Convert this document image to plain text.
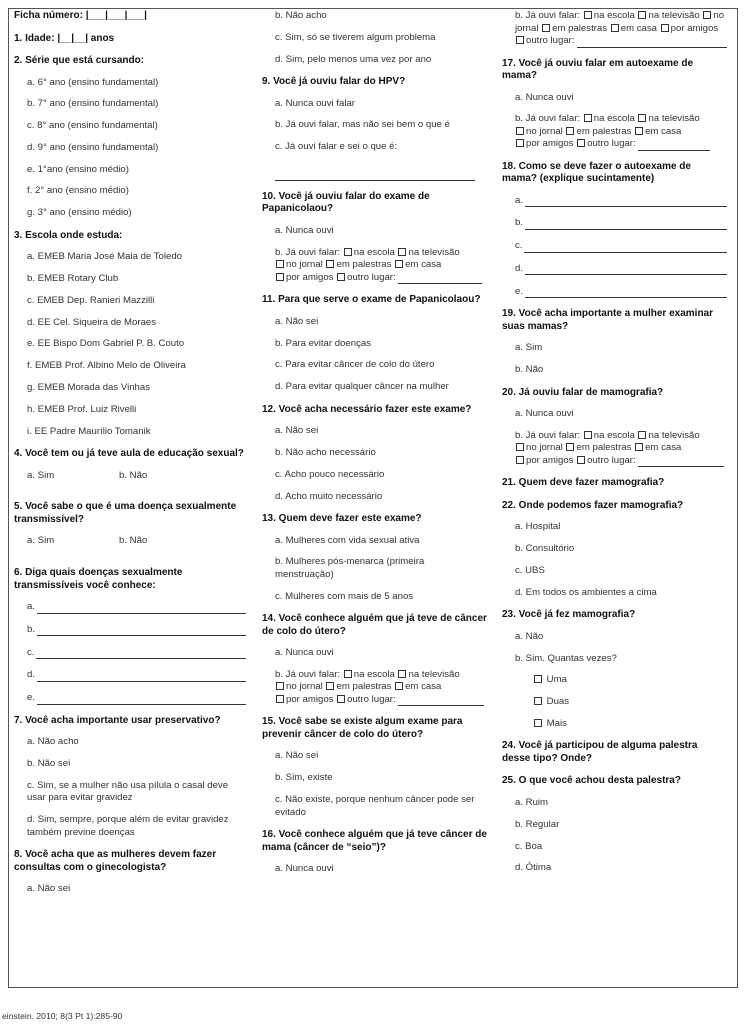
Ficha número: |___|___|___|
1. Idade: |__|__| anos
2. Série que está cursando:
a. 6° ano (ensino fundamental)
b. 7° ano (ensino fundamental)
c. 8° ano (ensino fundamental)
d. 9° ano (ensino fundamental)
e. 1°ano (ensino médio)
f. 2° ano (ensino médio)
g. 3° ano (ensino médio)
3. Escola onde estuda:
a. EMEB Maria José Maia de Toledo
b. EMEB Rotary Club
c. EMEB Dep. Ranieri Mazzilli
d. EE Cel. Siqueira de Moraes
e. EE Bispo Dom Gabriel P. B. Couto
f. EMEB Prof. Albino Melo de Oliveira
g. EMEB Morada das Vinhas
h. EMEB Prof. Luiz Rivelli
i. EE Padre Maurílio Tomanik
4. Você tem ou já teve aula de educação sexual?
a. Sim	b. Não
5. Você sabe o que é uma doença sexualmente transmissível?
a. Sim	b. Não
6. Diga quais doenças sexualmente transmissíveis você conhece:
a.
b.
c.
d.
e.
7. Você acha importante usar preservativo?
a. Não acho
b. Não sei
c. Sim, se a mulher não usa pílula o casal deve
usar para evitar gravidez
d. Sim, sempre, porque além de evitar gravidez
também previne doenças
8. Você acha que as mulheres devem fazer consultas com o ginecologista?
a. Não sei
b. Não acho
c. Sim, só se tiverem algum problema
d. Sim, pelo menos uma vez por ano
9. Você já ouviu falar do HPV?
a. Nunca ouvi falar
b. Já ouvi falar, mas não sei bem o que é
c. Já ouvi falar e sei o que é:
10. Você já ouviu falar do exame de Papanicolaou?
a. Nunca ouvi
b. Já ouvi falar: na escola na televisão
no jornal em palestras em casa
por amigos outro lugar:
11. Para que serve o exame de Papanicolaou?
a. Não sei
b. Para evitar doenças
c. Para evitar câncer de colo do útero
d. Para evitar qualquer câncer na mulher
12. Você acha necessário fazer este exame?
a. Não sei
b. Não acho necessário
c. Acho pouco necessário
d. Acho muito necessário
13. Quem deve fazer este exame?
a. Mulheres com vida sexual ativa
b. Mulheres pós-menarca (primeira
menstruação)
c. Mulheres com mais de 5 anos
14. Você conhece alguém que já teve de câncer de colo do útero?
a. Nunca ouvi
b. Já ouvi falar: na escola na televisão
no jornal em palestras em casa
por amigos outro lugar:
15. Você sabe se existe algum exame para prevenir câncer de colo do útero?
a. Não sei
b. Sim, existe
c. Não existe, porque nenhum câncer pode ser
evitado
16. Você conhece alguém que já teve câncer de mama (câncer de “seio”)?
a. Nunca ouvi
b. Já ouvi falar: na escola na televisão no
jornal em palestras em casa por amigos
outro lugar:
17. Você já ouviu falar em autoexame de mama?
a. Nunca ouvi
b. Já ouvi falar: na escola na televisão
no jornal em palestras em casa
por amigos outro lugar:
18. Como se deve fazer o autoexame de mama? (explique sucintamente)
a.
b.
c.
d.
e.
19. Você acha importante a mulher examinar suas mamas?
a. Sim
b. Não
20. Já ouviu falar de mamografia?
a. Nunca ouvi
b. Já ouvi falar: na escola na televisão
no jornal em palestras em casa
por amigos outro lugar:
21. Quem deve fazer mamografia?
22. Onde podemos fazer mamografia?
a. Hospital
b. Consultório
c. UBS
d. Em todos os ambientes a cima
23. Você já fez mamografia?
a. Não
b. Sim. Quantas vezes?
Uma
Duas
Mais
24. Você já participou de alguma palestra desse tipo? Onde?
25. O que você achou desta palestra?
a. Ruim
b. Regular
c. Boa
d. Ótima
einstein. 2010; 8(3 Pt 1):285-90
